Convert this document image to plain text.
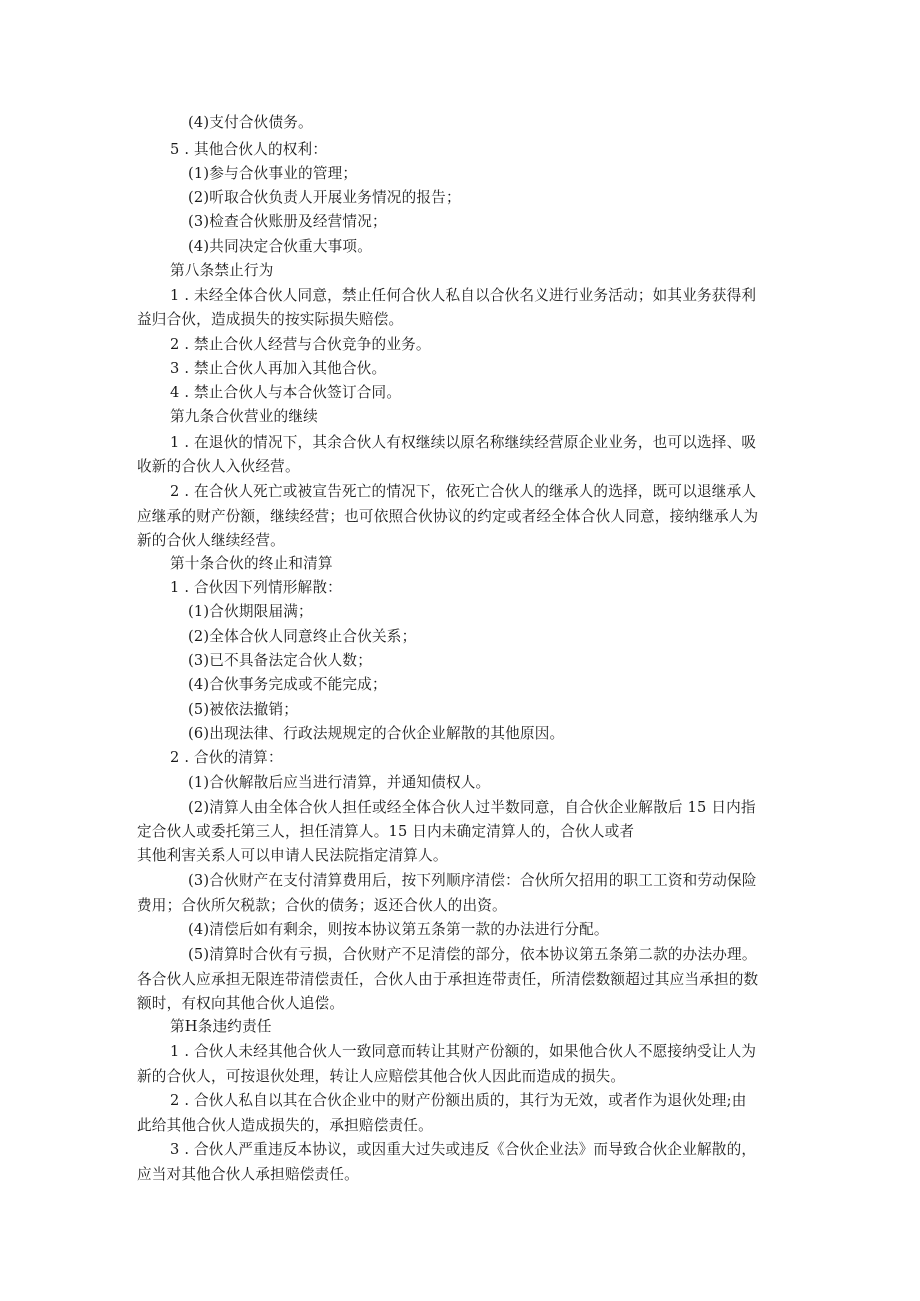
(4)支付合伙债务。
5 . 其他合伙人的权利：
(1)参与合伙事业的管理；
(2)听取合伙负责人开展业务情况的报告；
(3)检查合伙账册及经营情况；
(4)共同决定合伙重大事项。
第八条禁止行为
1 . 未经全体合伙人同意，禁止任何合伙人私自以合伙名义进行业务活动；如其业务获得利
益归合伙，造成损失的按实际损失赔偿。
2 . 禁止合伙人经营与合伙竞争的业务。
3 . 禁止合伙人再加入其他合伙。
4 . 禁止合伙人与本合伙签订合同。
第九条合伙营业的继续
1 . 在退伙的情况下，其余合伙人有权继续以原名称继续经营原企业业务，也可以选择、吸
收新的合伙人入伙经营。
2 . 在合伙人死亡或被宣告死亡的情况下，依死亡合伙人的继承人的选择，既可以退继承人
应继承的财产份额，继续经营；也可依照合伙协议的约定或者经全体合伙人同意，接纳继承人为
新的合伙人继续经营。
第十条合伙的终止和清算
1 . 合伙因下列情形解散：
(1)合伙期限届满；
(2)全体合伙人同意终止合伙关系；
(3)已不具备法定合伙人数；
(4)合伙事务完成或不能完成；
(5)被依法撤销；
(6)出现法律、行政法规规定的合伙企业解散的其他原因。
2 . 合伙的清算：
(1)合伙解散后应当进行清算，并通知债权人。
(2)清算人由全体合伙人担任或经全体合伙人过半数同意，自合伙企业解散后 15 日内指
定合伙人或委托第三人，担任清算人。15 日内未确定清算人的，合伙人或者
其他利害关系人可以申请人民法院指定清算人。
(3)合伙财产在支付清算费用后，按下列顺序清偿：合伙所欠招用的职工工资和劳动保险
费用；合伙所欠税款；合伙的债务；返还合伙人的出资。
(4)清偿后如有剩余，则按本协议第五条第一款的办法进行分配。
(5)清算时合伙有亏损，合伙财产不足清偿的部分，依本协议第五条第二款的办法办理。
各合伙人应承担无限连带清偿责任，合伙人由于承担连带责任，所清偿数额超过其应当承担的数
额时，有权向其他合伙人追偿。
第H条违约责任
1 . 合伙人未经其他合伙人一致同意而转让其财产份额的，如果他合伙人不愿接纳受让人为
新的合伙人，可按退伙处理，转让人应赔偿其他合伙人因此而造成的损失。
2 . 合伙人私自以其在合伙企业中的财产份额出质的，其行为无效，或者作为退伙处理;由
此给其他合伙人造成损失的，承担赔偿责任。
3 . 合伙人严重违反本协议，或因重大过失或违反《合伙企业法》而导致合伙企业解散的，
应当对其他合伙人承担赔偿责任。
